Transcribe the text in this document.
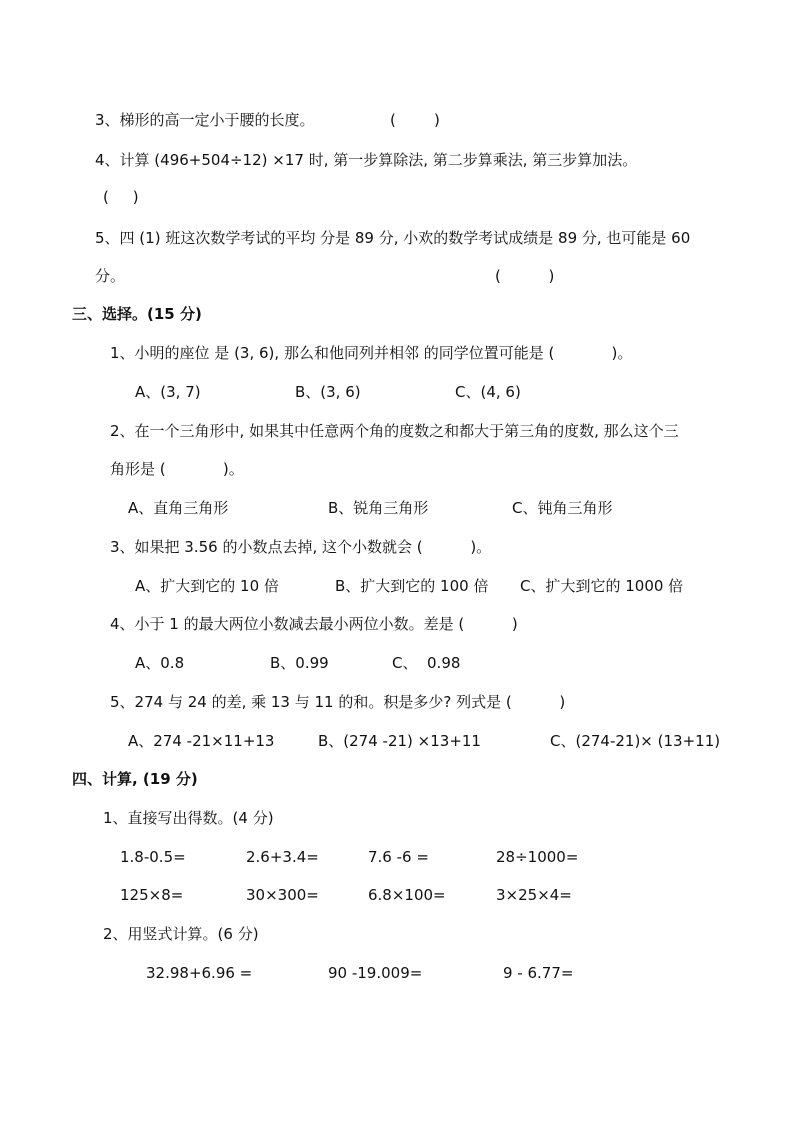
3、梯形的高一定小于腰的长度。	(        )
4、计算 (496+504÷12) ×17 时, 第一步算除法, 第二步算乘法, 第三步算加法。
(     )
5、四 (1) 班这次数学考试的平均 分是 89 分, 小欢的数学考试成绩是 89 分, 也可能是 60
分。	(          )
三、选择。(15 分)
1、小明的座位 是 (3, 6), 那么和他同列并相邻 的同学位置可能是 (            )。
A、(3, 7)	B、(3, 6)	C、(4, 6)
2、在一个三角形中, 如果其中任意两个角的度数之和都大于第三角的度数, 那么这个三
角形是 (            )。
A、直角三角形	B、锐角三角形	C、钝角三角形
3、如果把 3.56 的小数点去掉, 这个小数就会 (          )。
A、扩大到它的 10 倍	B、扩大到它的 100 倍 C、扩大到它的 1000 倍
4、小于 1 的最大两位小数减去最小两位小数。差是 (          )
A、0.8	B、0.99	C、  0.98
5、274 与 24 的差, 乘 13 与 11 的和。积是多少? 列式是 (          )
A、274 -21×11+13	B、(274 -21) ×13+11	C、(274-21)× (13+11)
四、计算, (19 分)
1、直接写出得数。(4 分)
1.8-0.5=	2.6+3.4=	7.6 -6 =	28÷1000=
125×8=	30×300=	6.8×100=	3×25×4=
2、用竖式计算。(6 分)
32.98+6.96 =	90 -19.009=	9 - 6.77=
